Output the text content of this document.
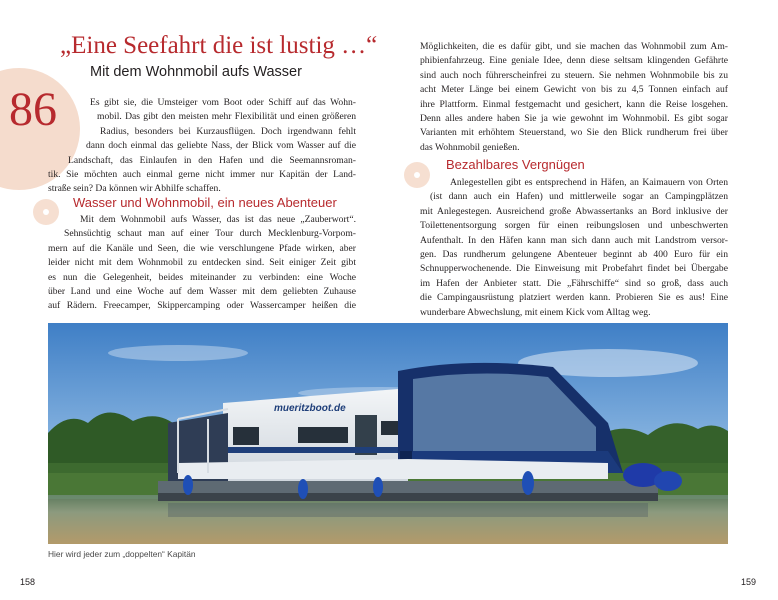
86
„Eine Seefahrt die ist lustig …“
Mit dem Wohnmobil aufs Wasser
Es gibt sie, die Umsteiger vom Boot oder Schiff auf das Wohn-
mobil. Das gibt den meisten mehr Flexibilität und einen größeren
Radius, besonders bei Kurzausflügen. Doch irgendwann fehlt
dann doch einmal das geliebte Nass, der Blick vom Wasser auf die
Landschaft, das Einlaufen in den Hafen und die Seemannsroman-
tik. Sie möchten auch einmal gerne nicht immer nur Kapitän der Land-
straße sein? Da können wir Abhilfe schaffen.
Wasser und Wohnmobil, ein neues Abenteuer
Mit dem Wohnmobil aufs Wasser, das ist das neue „Zauberwort“.
Sehnsüchtig schaut man auf einer Tour durch Mecklenburg-Vorpom-
mern auf die Kanäle und Seen, die wie verschlungene Pfade wirken, aber
leider nicht mit dem Wohnmobil zu entdecken sind. Seit einiger Zeit gibt
es nun die Gelegenheit, beides miteinander zu verbinden: eine Woche
über Land und eine Woche auf dem Wasser mit dem geliebten Zuhause
auf Rädern. Freecamper, Skippercamping oder Wassercamper heißen die
Möglichkeiten, die es dafür gibt, und sie machen das Wohnmobil zum Am-
phibienfahrzeug. Eine geniale Idee, denn diese seltsam klingenden Gefährte
sind auch noch führerscheinfrei zu steuern. Sie nehmen Wohnmobile bis zu
acht Meter Länge bei einem Gewicht von bis zu 4,5 Tonnen einfach auf
ihre Plattform. Einmal festgemacht und gesichert, kann die Reise losgehen.
Denn alles andere haben Sie ja wie gewohnt im Wohnmobil. Es gibt sogar
Varianten mit erhöhtem Steuerstand, wo Sie den Blick rundherum frei über
das Wohnmobil genießen.
Bezahlbares Vergnügen
Anlegestellen gibt es entsprechend in Häfen, an Kaimauern von Orten
(ist dann auch ein Hafen) und mittlerweile sogar an Campingplätzen
mit Anlegestegen. Ausreichend große Abwassertanks an Bord inklusive der
Toilettenentsorgung sorgen für einen reibungslosen und unbeschwerten
Aufenthalt. In den Häfen kann man sich dann auch mit Landstrom versor-
gen. Das rundherum gelungene Abenteuer beginnt ab 400 Euro für ein
Schnupperwochenende. Die Einweisung mit Probefahrt findet bei Übergabe
im Hafen der Anbieter statt. Die „Fährschiffe“ sind so groß, dass auch
die Campingausrüstung platziert werden kann. Probieren Sie es aus! Eine
wunderbare Abwechslung, mit einem Kick vom Alltag weg.
mueritzboot.de
Hier wird jeder zum „doppelten“ Kapitän
158	159
